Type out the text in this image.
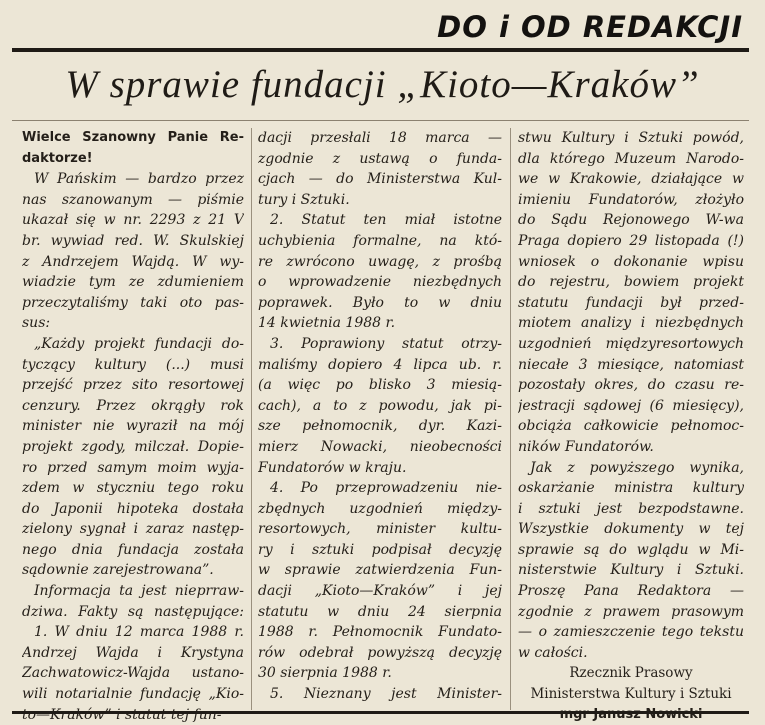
DO i OD REDAKCJI
W sprawie fundacji „Kioto—Kraków”
Wielce Szanowny Panie Re-
daktorze!
W Pańskim — bardzo przez
nas szanowanym — piśmie
ukazał się w nr. 2293 z 21 V
br. wywiad red. W. Skulskiej
z Andrzejem Wajdą. W wy-
wiadzie tym ze zdumieniem
przeczytaliśmy taki oto pas-
sus:
„Każdy projekt fundacji do-
tyczący kultury (...) musi
przejść przez sito resortowej
cenzury. Przez okrągły rok
minister nie wyraził na mój
projekt zgody, milczał. Dopie-
ro przed samym moim wyja-
zdem w styczniu tego roku
do Japonii hipoteka dostała
zielony sygnał i zaraz następ-
nego dnia fundacja została
sądownie zarejestrowana”.
Informacja ta jest nieprraw-
dziwa. Fakty są następujące:
1. W dniu 12 marca 1988 r.
Andrzej Wajda i Krystyna
Zachwatowicz-Wajda ustano-
wili notarialnie fundację „Kio-
to—Kraków” i statut tej fun-
dacji przesłali 18 marca —
zgodnie z ustawą o funda-
cjach — do Ministerstwa Kul-
tury i Sztuki.
2. Statut ten miał istotne
uchybienia formalne, na któ-
re zwrócono uwagę, z prośbą
o wprowadzenie niezbędnych
poprawek. Było to w dniu
14 kwietnia 1988 r.
3. Poprawiony statut otrzy-
maliśmy dopiero 4 lipca ub. r.
(a więc po blisko 3 miesią-
cach), a to z powodu, jak pi-
sze pełnomocnik, dyr. Kazi-
mierz Nowacki, nieobecności
Fundatorów w kraju.
4. Po przeprowadzeniu nie-
zbędnych uzgodnień między-
resortowych, minister kultu-
ry i sztuki podpisał decyzję
w sprawie zatwierdzenia Fun-
dacji „Kioto—Kraków” i jej
statutu w dniu 24 sierpnia
1988 r. Pełnomocnik Fundato-
rów odebrał powyższą decyzję
30 sierpnia 1988 r.
5. Nieznany jest Minister-
stwu Kultury i Sztuki powód,
dla którego Muzeum Narodo-
we w Krakowie, działające w
imieniu Fundatorów, złożyło
do Sądu Rejonowego W-wa
Praga dopiero 29 listopada (!)
wniosek o dokonanie wpisu
do rejestru, bowiem projekt
statutu fundacji był przed-
miotem analizy i niezbędnych
uzgodnień międzyresortowych
niecałe 3 miesiące, natomiast
pozostały okres, do czasu re-
jestracji sądowej (6 miesięcy),
obciąża całkowicie pełnomoc-
ników Fundatorów.
Jak z powyższego wynika,
oskarżanie ministra kultury
i sztuki jest bezpodstawne.
Wszystkie dokumenty w tej
sprawie są do wglądu w Mi-
nisterstwie Kultury i Sztuki.
Proszę Pana Redaktora —
zgodnie z prawem prasowym
— o zamieszczenie tego tekstu
w całości.
Rzecznik Prasowy
Ministerstwa Kultury i Sztuki
mgr Janusz Nowicki
